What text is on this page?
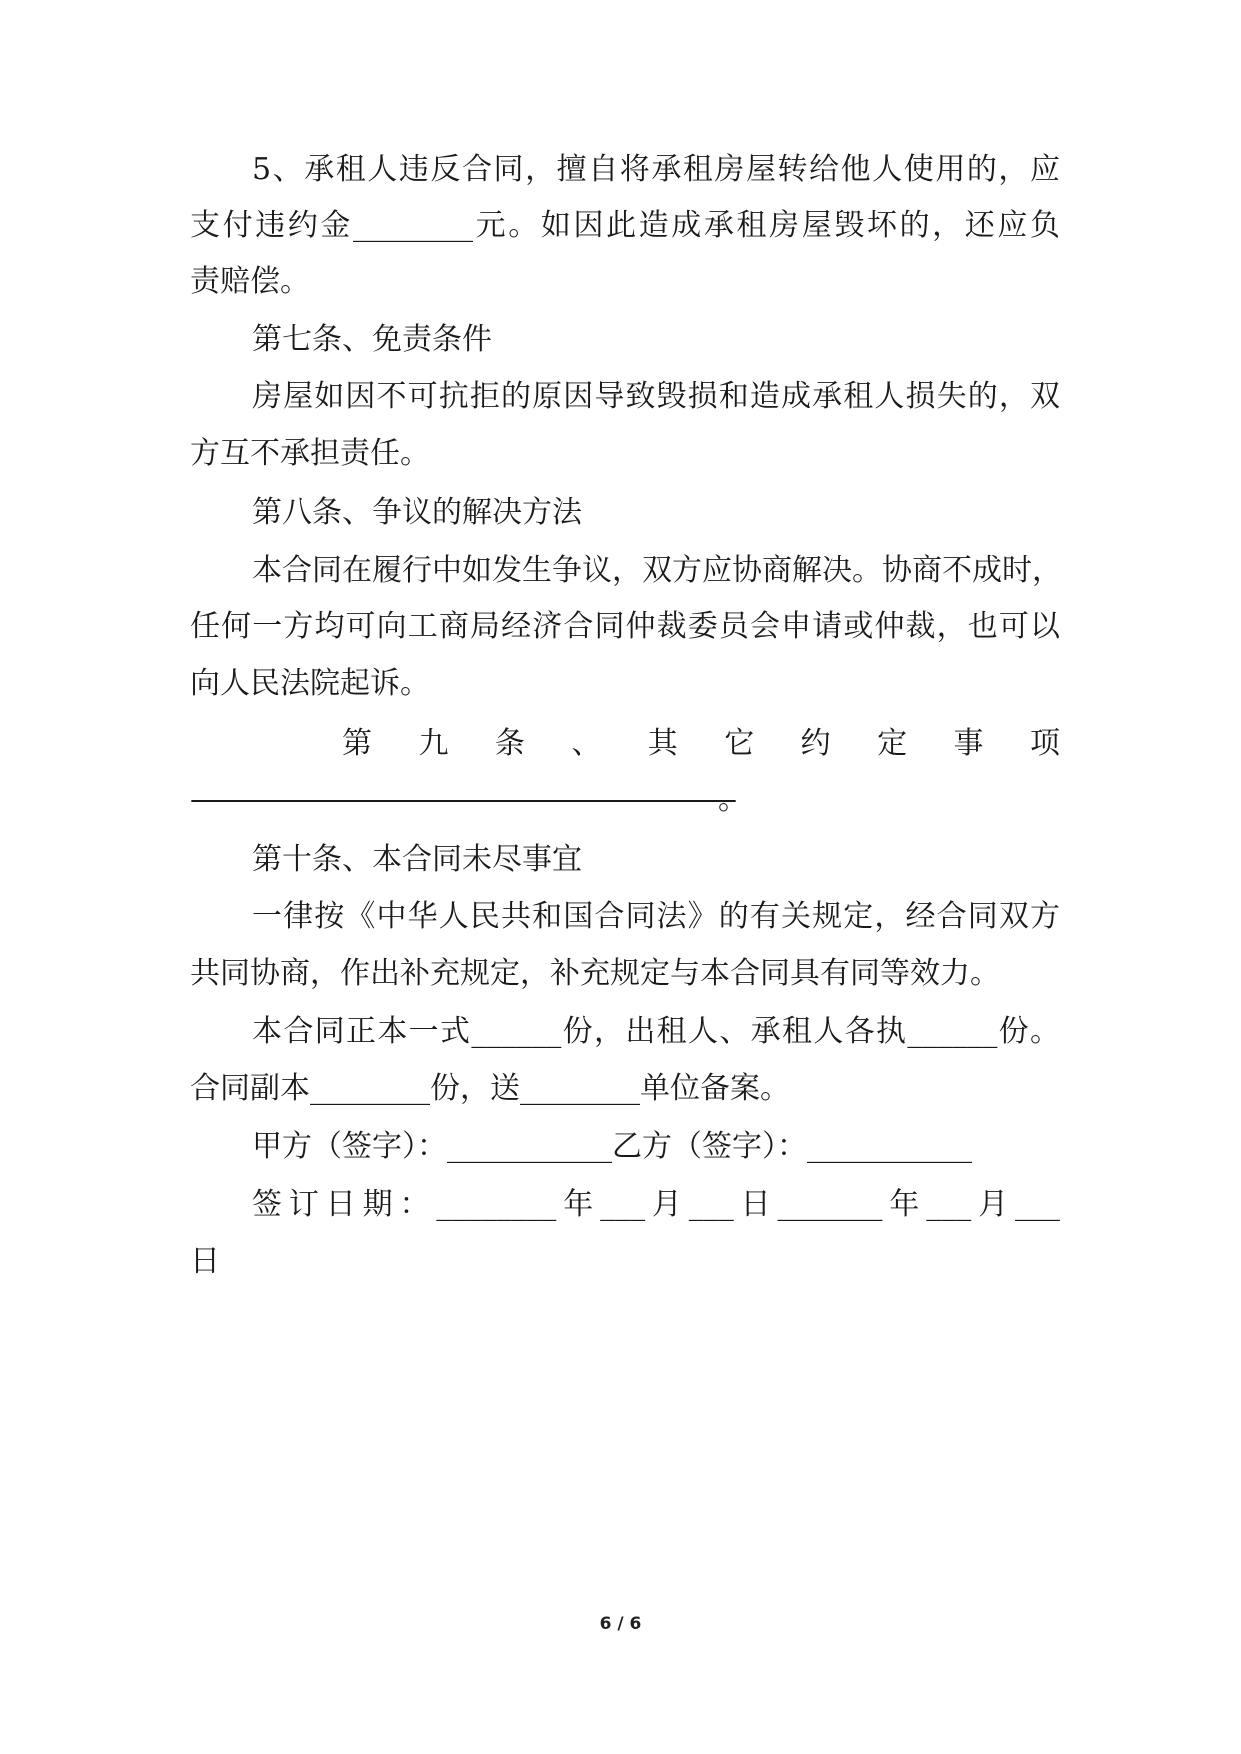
5、承租人违反合同，擅自将承租房屋转给他人使用的，应
支付违约金________元。如因此造成承租房屋毁坏的，还应负
责赔偿。
第七条、免责条件
房屋如因不可抗拒的原因导致毁损和造成承租人损失的，双
方互不承担责任。
第八条、争议的解决方法
本合同在履行中如发生争议，双方应协商解决。协商不成时，
任何一方均可向工商局经济合同仲裁委员会申请或仲裁，也可以
向人民法院起诉。
第九条、其它约定事项
————————————————————————————————————————————————。
第十条、本合同未尽事宜
一律按《中华人民共和国合同法》的有关规定，经合同双方
共同协商，作出补充规定，补充规定与本合同具有同等效力。
本合同正本一式______份，出租人、承租人各执______份。
合同副本________份，送________单位备案。
甲方（签字）：___________乙方（签字）：___________
签订日期：________年___月___日_______年___月___
日
6 / 6
